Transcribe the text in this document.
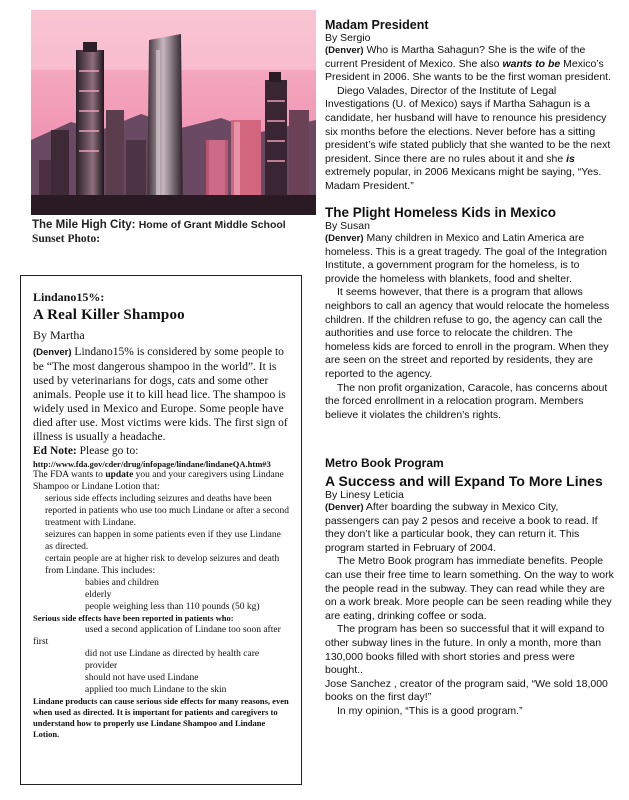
The Mile High City: Home of Grant Middle School
Sunset Photo:
Lindano15%:
A Real Killer Shampoo
By Martha

(Denver) Lindano15% is considered by some people to be “The most dangerous shampoo in the world”. It is used by veterinarians for dogs, cats and some other animals. People use it to kill head lice. The shampoo is widely used in Mexico and Europe. Some people have died after use. Most victims were kids. The first sign of illness is usually a headache.

Ed Note: Please go to:
http://www.fda.gov/cder/drug/infopage/lindane/lindaneQA.htm#3

The FDA wants to update you and your caregivers using Lindane Shampoo or Lindane Lotion that:

serious side effects including seizures and deaths have been reported in patients who use too much Lindane or after a second treatment with Lindane.

seizures can happen in some patients even if they use Lindane as directed.

certain people are at higher risk to develop seizures and death from Lindane. This includes:

babies and children
elderly
people weighing less than 110 pounds (50 kg)
Serious side effects have been reported in patients who:
used a second application of Lindane too soon after
first
did not use Lindane as directed by health care provider
should not have used Lindane
applied too much Lindane to the skin
Lindane products can cause serious side effects for many reasons, even when used as directed. It is important for patients and caregivers to understand how to properly use Lindane Shampoo and Lindane Lotion.
Madam President
By Sergio

(Denver) Who is Martha Sahagun? She is the wife of the current President of Mexico. She also wants to be Mexico’s President in 2006. She wants to be the first woman president.

Diego Valades, Director of the Institute of Legal Investigations (U. of Mexico) says if Martha Sahagun is a candidate, her husband will have to renounce his presidency six months before the elections. Never before has a sitting president’s wife stated publicly that she wanted to be the next president. Since there are no rules about it and she is extremely popular, in 2006 Mexicans might be saying, “Yes. Madam President.”

The Plight Homeless Kids in Mexico
By Susan

(Denver) Many children in Mexico and Latin America are homeless. This is a great tragedy. The goal of the Integration Institute, a government program for the homeless, is to provide the homeless with blankets, food and shelter.

It seems however, that there is a program that allows neighbors to call an agency that would relocate the homeless children. If the children refuse to go, the agency can call the authorities and use force to relocate the children. The homeless kids are forced to enroll in the program. When they are seen on the street and reported by residents, they are reported to the agency.

The non profit organization, Caracole, has concerns about the forced enrollment in a relocation program. Members believe it violates the children’s rights.

Metro Book Program
A Success and will Expand To More Lines
By Linesy Leticia

(Denver) After boarding the subway in Mexico City, passengers can pay 2 pesos and receive a book to read. If they don’t like a particular book, they can return it. This program started in February of 2004.

The Metro Book program has immediate benefits. People can use their free time to learn something. On the way to work the people read in the subway. They can read while they are on a work break. More people can be seen reading while they are eating, drinking coffee or soda.

The program has been so successful that it will expand to other subway lines in the future. In only a month, more than 130,000 books filled with short stories and press were bought..

Jose Sanchez , creator of the program said, “We sold 18,000 books on the first day!”

In my opinion, “This is a good program.”
